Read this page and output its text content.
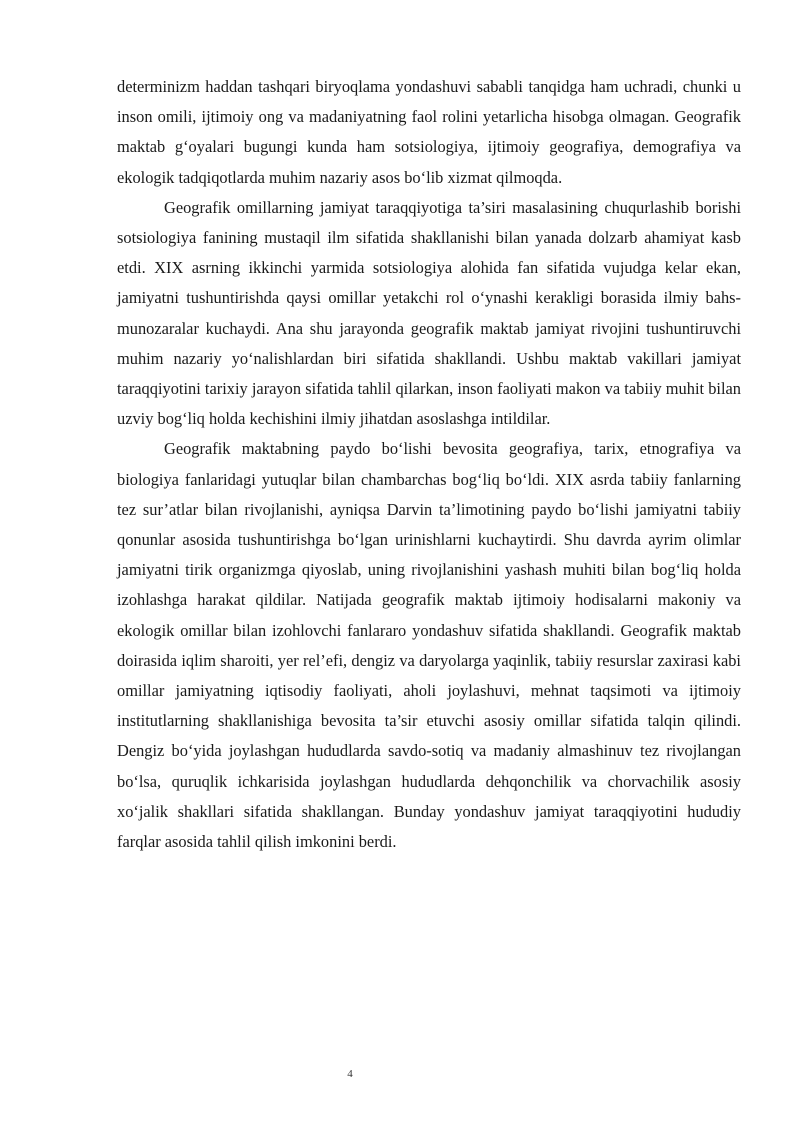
determinizm haddan tashqari biryoqlama yondashuvi sababli tanqidga ham uchradi, chunki u inson omili, ijtimoiy ong va madaniyatning faol rolini yetarlicha hisobga olmagan. Geografik maktab g‘oyalari bugungi kunda ham sotsiologiya, ijtimoiy geografiya, demografiya va ekologik tadqiqotlarda muhim nazariy asos bo‘lib xizmat qilmoqda.

Geografik omillarning jamiyat taraqqiyotiga ta’siri masalasining chuqurlashib borishi sotsiologiya fanining mustaqil ilm sifatida shakllanishi bilan yanada dolzarb ahamiyat kasb etdi. XIX asrning ikkinchi yarmida sotsiologiya alohida fan sifatida vujudga kelar ekan, jamiyatni tushuntirishda qaysi omillar yetakchi rol o‘ynashi kerakligi borasida ilmiy bahs-munozaralar kuchaydi. Ana shu jarayonda geografik maktab jamiyat rivojini tushuntiruvchi muhim nazariy yo‘nalishlardan biri sifatida shakllandi. Ushbu maktab vakillari jamiyat taraqqiyotini tarixiy jarayon sifatida tahlil qilarkan, inson faoliyati makon va tabiiy muhit bilan uzviy bog‘liq holda kechishini ilmiy jihatdan asoslashga intildilar.

Geografik maktabning paydo bo‘lishi bevosita geografiya, tarix, etnografiya va biologiya fanlaridagi yutuqlar bilan chambarchas bog‘liq bo‘ldi. XIX asrda tabiiy fanlarning tez sur’atlar bilan rivojlanishi, ayniqsa Darvin ta’limotining paydo bo‘lishi jamiyatni tabiiy qonunlar asosida tushuntirishga bo‘lgan urinishlarni kuchaytirdi. Shu davrda ayrim olimlar jamiyatni tirik organizmga qiyoslab, uning rivojlanishini yashash muhiti bilan bog‘liq holda izohlashga harakat qildilar. Natijada geografik maktab ijtimoiy hodisalarni makoniy va ekologik omillar bilan izohlovchi fanlararo yondashuv sifatida shakllandi. Geografik maktab doirasida iqlim sharoiti, yer rel’efi, dengiz va daryolarga yaqinlik, tabiiy resurslar zaxirasi kabi omillar jamiyatning iqtisodiy faoliyati, aholi joylashuvi, mehnat taqsimoti va ijtimoiy institutlarning shakllanishiga bevosita ta’sir etuvchi asosiy omillar sifatida talqin qilindi. Dengiz bo‘yida joylashgan hududlarda savdo-sotiq va madaniy almashinuv tez rivojlangan bo‘lsa, quruqlik ichkarisida joylashgan hududlarda dehqonchilik va chorvachilik asosiy xo‘jalik shakllari sifatida shakllangan. Bunday yondashuv jamiyat taraqqiyotini hududiy farqlar asosida tahlil qilish imkonini berdi.

4
